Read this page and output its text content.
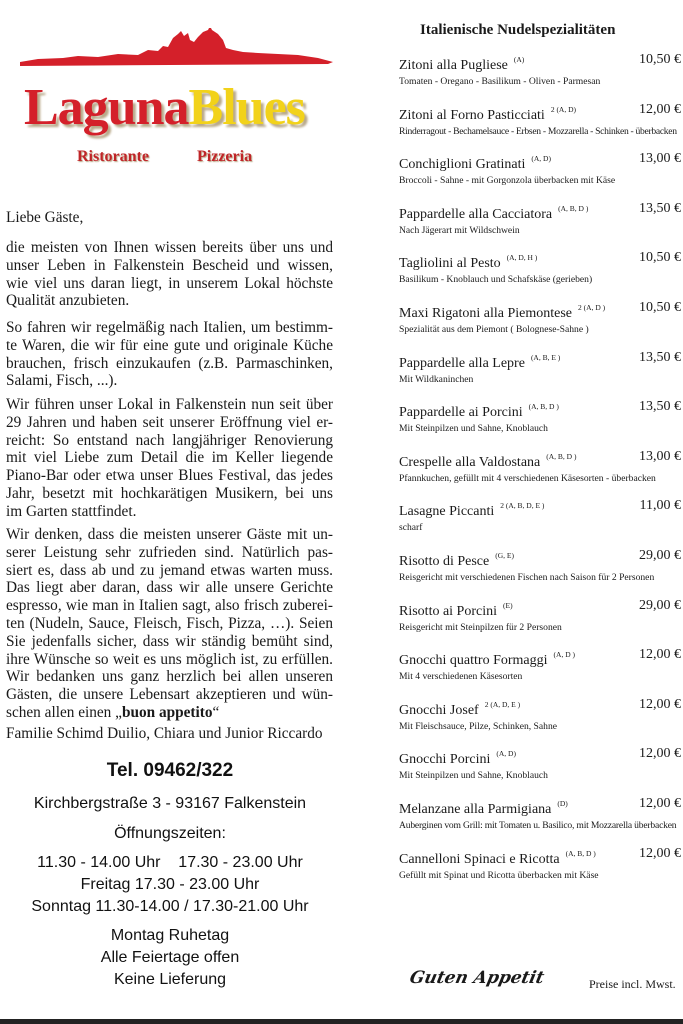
LagunaBlues
Ristorante	Pizzeria
Liebe Gäste,
die meisten von Ihnen wissen bereits über uns und
unser Leben in Falkenstein Bescheid und wissen,
wie viel uns daran liegt, in unserem Lokal höchste
Qualität anzubieten.
So fahren wir regelmäßig nach Italien, um bestimm-
te Waren, die wir für eine gute und originale Küche
brauchen, frisch einzukaufen (z.B. Parmaschinken,
Salami, Fisch, ...).
Wir führen unser Lokal in Falkenstein nun seit über
29 Jahren und haben seit unserer Eröffnung viel er-
reicht: So entstand nach langjähriger Renovierung
mit viel Liebe zum Detail die im Keller liegende
Piano-Bar oder etwa unser Blues Festival, das jedes
Jahr, besetzt mit hochkarätigen Musikern, bei uns
im Garten stattfindet.
Wir denken, dass die meisten unserer Gäste mit un-
serer Leistung sehr zufrieden sind. Natürlich pas-
siert es, dass ab und zu jemand etwas warten muss.
Das liegt aber daran, dass wir alle unsere Gerichte
espresso, wie man in Italien sagt, also frisch zuberei-
ten (Nudeln, Sauce, Fleisch, Fisch, Pizza, …). Seien
Sie jedenfalls sicher, dass wir ständig bemüht sind,
ihre Wünsche so weit es uns möglich ist, zu erfüllen.
Wir bedanken uns ganz herzlich bei allen unseren
Gästen, die unsere Lebensart akzeptieren und wün-
schen allen einen „buon appetito“
Familie Schimd Duilio, Chiara und Junior Riccardo
Tel. 09462/322
Kirchbergstraße 3 - 93167 Falkenstein
Öffnungszeiten:
11.30 - 14.00 Uhr    17.30 - 23.00 Uhr
Freitag 17.30 - 23.00 Uhr
Sonntag 11.30-14.00 / 17.30-21.00 Uhr
Montag Ruhetag
Alle Feiertage offen
Keine Lieferung
Italienische Nudelspezialitäten
Zitoni alla Pugliese $^{(A)}$	10,50 €
Tomaten - Oregano - Basilikum - Oliven - Parmesan
Zitoni al Forno Pasticciati $^{2 (A, D)}$	12,00 €
Rinderragout - Bechamelsauce - Erbsen - Mozzarella - Schinken - überbacken
Conchiglioni Gratinati $^{(A, D)}$	13,00 €
Broccoli - Sahne - mit Gorgonzola überbacken mit Käse
Pappardelle alla Cacciatora $^{(A, B, D )}$	13,50 €
Nach Jägerart mit Wildschwein
Tagliolini al Pesto $^{(A, D, H )}$	10,50 €
Basilikum - Knoblauch und Schafskäse (gerieben)
Maxi Rigatoni alla Piemontese $^{2 (A, D )}$	10,50 €
Spezialität aus dem Piemont ( Bolognese-Sahne )
Pappardelle alla Lepre $^{(A, B, E )}$	13,50 €
Mit Wildkaninchen
Pappardelle ai Porcini $^{(A, B, D )}$	13,50 €
Mit Steinpilzen und Sahne, Knoblauch
Crespelle alla Valdostana $^{(A, B, D )}$	13,00 €
Pfannkuchen, gefüllt mit 4 verschiedenen Käsesorten - überbacken
Lasagne Piccanti $^{2 (A, B, D, E )}$	11,00 €
scharf
Risotto di Pesce $^{(G, E)}$	29,00 €
Reisgericht mit verschiedenen Fischen nach Saison für 2 Personen
Risotto ai Porcini $^{(E)}$	29,00 €
Reisgericht mit Steinpilzen für 2 Personen
Gnocchi quattro Formaggi $^{(A, D )}$	12,00 €
Mit 4 verschiedenen Käsesorten
Gnocchi Josef $^{2 (A, D, E )}$	12,00 €
Mit Fleischsauce, Pilze, Schinken, Sahne
Gnocchi Porcini $^{(A, D)}$	12,00 €
Mit Steinpilzen und Sahne, Knoblauch
Melanzane alla Parmigiana $^{(D)}$	12,00 €
Auberginen vom Grill: mit Tomaten u. Basilico, mit Mozzarella überbacken
Cannelloni Spinaci e Ricotta $^{(A, B, D )}$	12,00 €
Gefüllt mit Spinat und Ricotta überbacken mit Käse
Guten Appetit	Preise incl. Mwst.
